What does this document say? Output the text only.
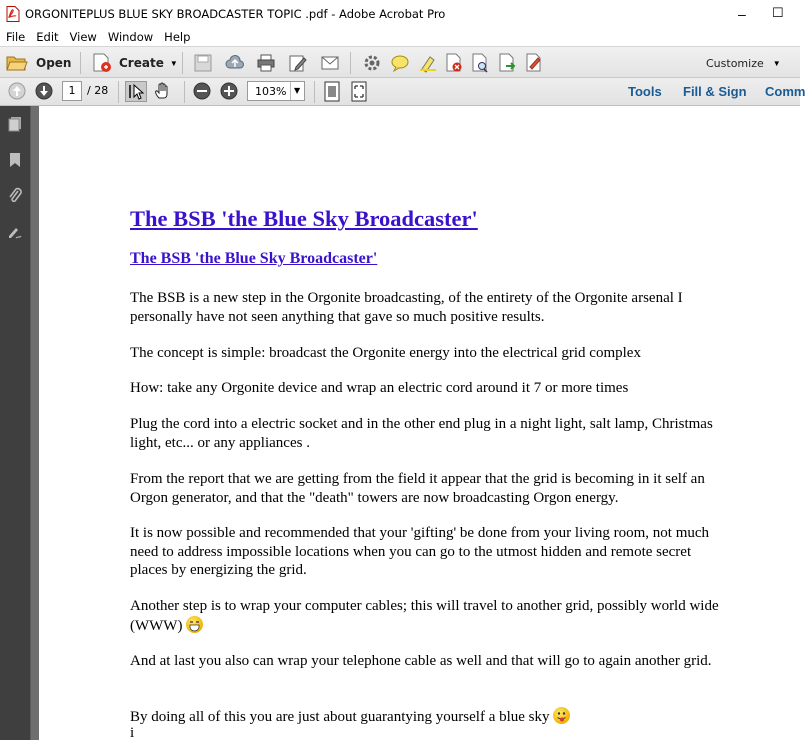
ORGONITEPLUS BLUE SKY BROADCASTER TOPIC .pdf - Adobe Acrobat Pro	– ☐
File Edit View Window Help
Open	Create ▼	Customize ▼
1	/ 28	103% ▼	Tools Fill & Sign Comm
The BSB 'the Blue Sky Broadcaster'
The BSB 'the Blue Sky Broadcaster'
The BSB is a new step in the Orgonite broadcasting, of the entirety of the Orgonite arsenal I personally have not seen anything that gave so much positive results.
The concept is simple: broadcast the Orgonite energy into the electrical grid complex
How: take any Orgonite device and wrap an electric cord around it 7 or more times
Plug the cord into a electric socket and in the other end plug in a night light, salt lamp, Christmas light, etc... or any appliances .
From the report that we are getting from the field it appear that the grid is becoming in it self an Orgon generator, and that the "death" towers are now broadcasting Orgon energy.
It is now possible and recommended that your 'gifting' be done from your living room, not much need to address impossible locations when you can go to the utmost hidden and remote secret places by energizing the grid.
Another step is to wrap your computer cables; this will travel to another grid, possibly world wide (WWW)
And at last you also can wrap your telephone cable as well and that will go to again another grid.
By doing all of this you are just about guarantying yourself a blue sky
i
